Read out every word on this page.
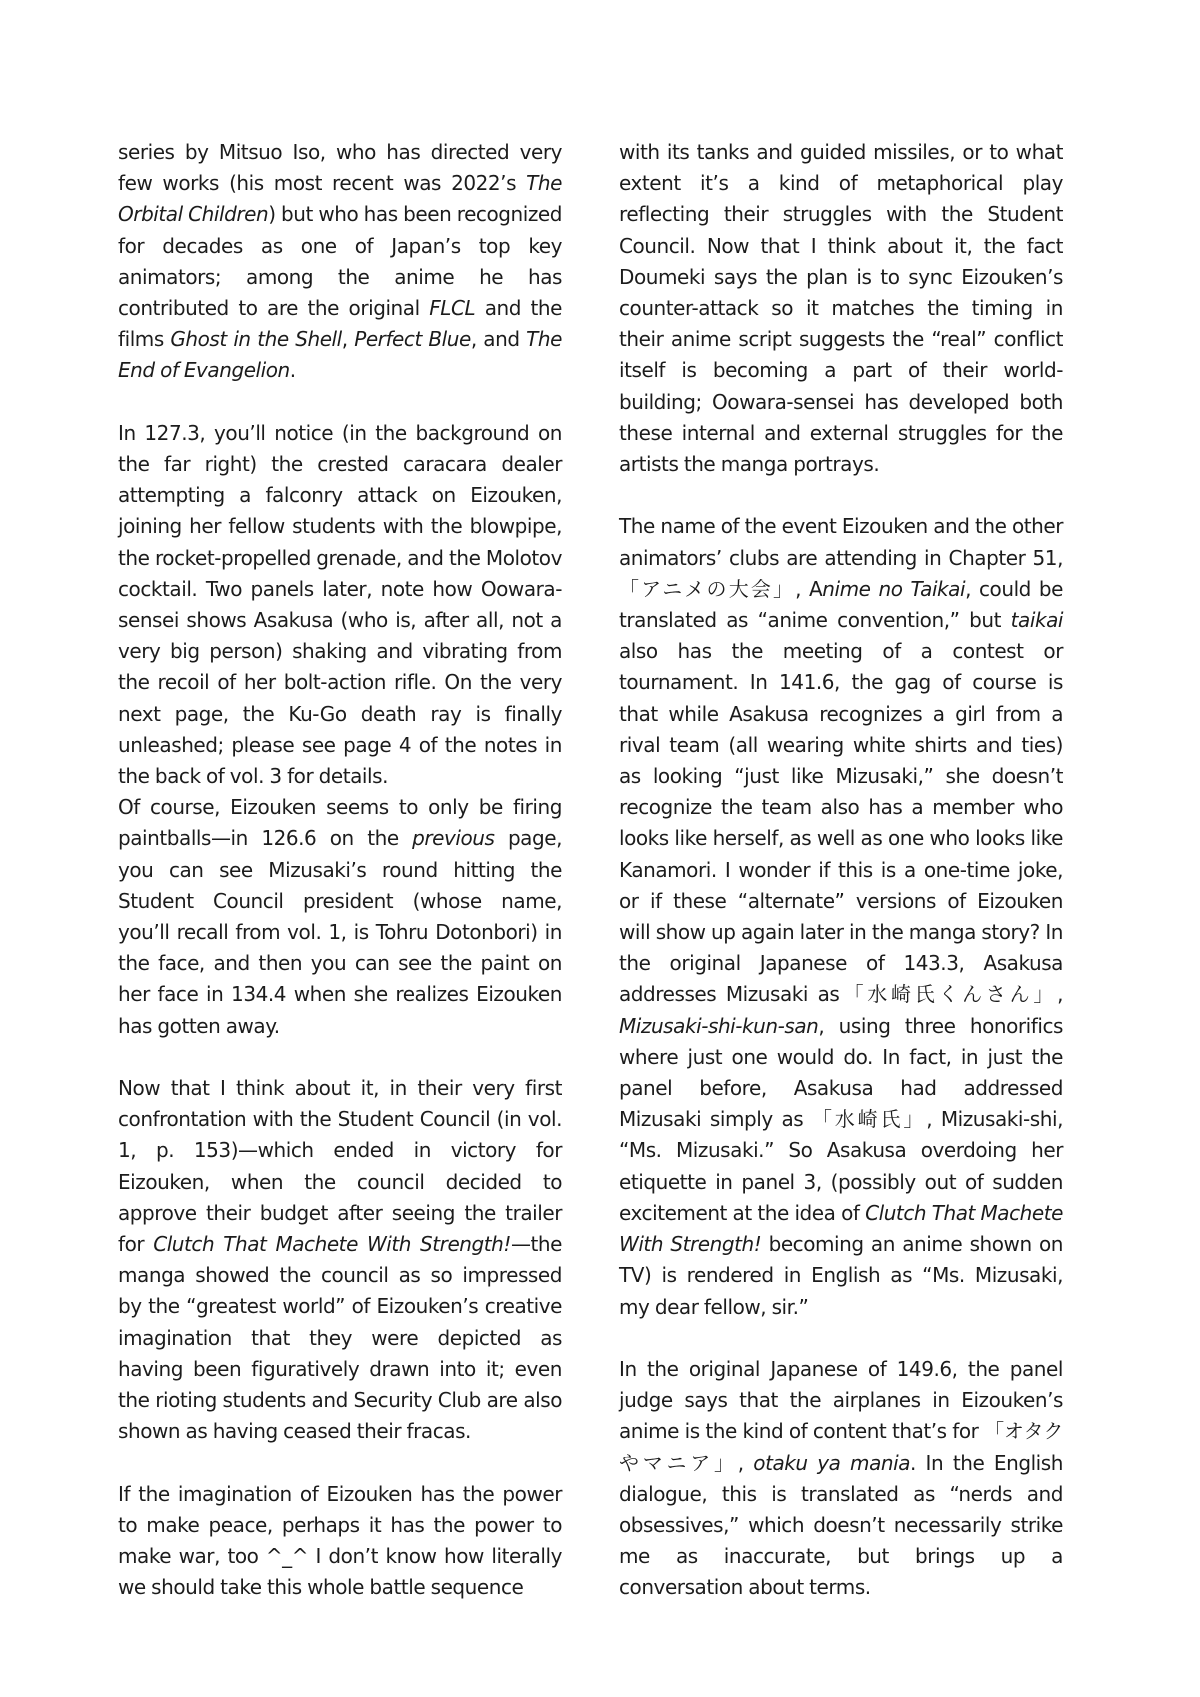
series by Mitsuo Iso, who has directed very few works (his most recent was 2022’s The Orbital Children) but who has been recognized for decades as one of Japan’s top key animators; among the anime he has contributed to are the original FLCL and the films Ghost in the Shell, Perfect Blue, and The End of Evangelion.

In 127.3, you’ll notice (in the background on the far right) the crested caracara dealer attempting a falconry attack on Eizouken, joining her fellow students with the blowpipe, the rocket-propelled grenade, and the Molotov cocktail. Two panels later, note how Oowara-sensei shows Asakusa (who is, after all, not a very big person) shaking and vibrating from the recoil of her bolt-action rifle. On the very next page, the Ku-Go death ray is finally unleashed; please see page 4 of the notes in the back of vol. 3 for details.

Of course, Eizouken seems to only be firing paintballs—in 126.6 on the previous page, you can see Mizusaki’s round hitting the Student Council president (whose name, you’ll recall from vol. 1, is Tohru Dotonbori) in the face, and then you can see the paint on her face in 134.4 when she realizes Eizouken has gotten away.

Now that I think about it, in their very first confrontation with the Student Council (in vol. 1, p. 153)—which ended in victory for Eizouken, when the council decided to approve their budget after seeing the trailer for Clutch That Machete With Strength!—the manga showed the council as so impressed by the “greatest world” of Eizouken’s creative imagination that they were depicted as having been figuratively drawn into it; even the rioting students and Security Club are also shown as having ceased their fracas.

If the imagination of Eizouken has the power to make peace, perhaps it has the power to make war, too ^_^ I don’t know how literally we should take this whole battle sequence

with its tanks and guided missiles, or to what extent it’s a kind of metaphorical play reflecting their struggles with the Student Council. Now that I think about it, the fact Doumeki says the plan is to sync Eizouken’s counter-attack so it matches the timing in their anime script suggests the “real” conflict itself is becoming a part of their world-building; Oowara-sensei has developed both these internal and external struggles for the artists the manga portrays.

The name of the event Eizouken and the other animators’ clubs are attending in Chapter 51, 「アニメの大会」, Anime no Taikai, could be translated as “anime convention,” but taikai also has the meeting of a contest or tournament. In 141.6, the gag of course is that while Asakusa recognizes a girl from a rival team (all wearing white shirts and ties) as looking “just like Mizusaki,” she doesn’t recognize the team also has a member who looks like herself, as well as one who looks like Kanamori. I wonder if this is a one-time joke, or if these “alternate” versions of Eizouken will show up again later in the manga story? In the original Japanese of 143.3, Asakusa addresses Mizusaki as「水崎氏くんさん」, Mizusaki-shi-kun-san, using three honorifics where just one would do. In fact, in just the panel before, Asakusa had addressed Mizusaki simply as 「水崎氏」, Mizusaki-shi, “Ms. Mizusaki.” So Asakusa overdoing her etiquette in panel 3, (possibly out of sudden excitement at the idea of Clutch That Machete With Strength! becoming an anime shown on TV) is rendered in English as “Ms. Mizusaki, my dear fellow, sir.”

In the original Japanese of 149.6, the panel judge says that the airplanes in Eizouken’s anime is the kind of content that’s for 「オタクやマニア」, otaku ya mania. In the English dialogue, this is translated as “nerds and obsessives,” which doesn’t necessarily strike me as inaccurate, but brings up a conversation about terms.
